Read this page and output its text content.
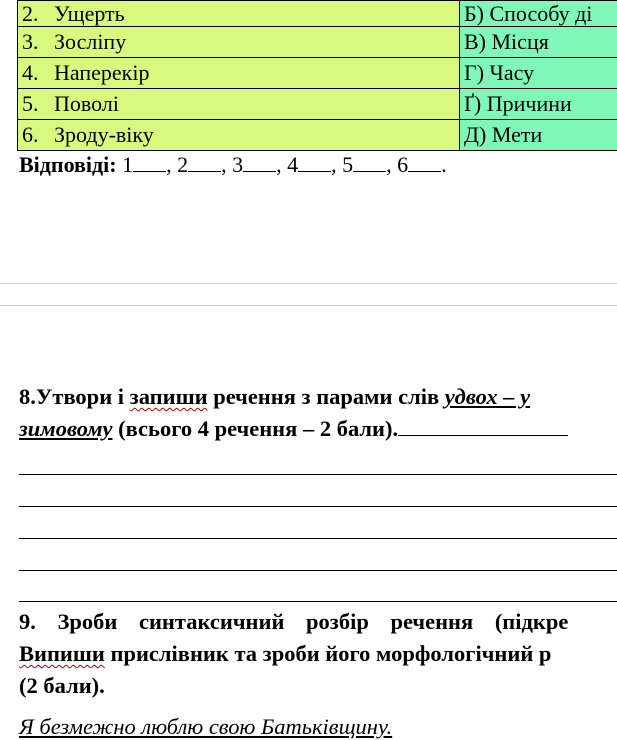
2. Ущерть	Б) Способу ді
3. Зосліпу	В) Місця
4. Наперекір	Г) Часу
5. Поволі	Ґ) Причини
6. Зроду-віку	Д) Мети
Відповіді: 1 , 2 , 3 , 4 , 5 , 6 .
8.Утвори і запиши речення з парами слів удвох – у
зимовому (всього 4 речення – 2 бали).
9. Зроби синтаксичний розбір речення (підкре
Випиши прислівник та зроби його морфологічний р
(2 бали).
Я безмежно люблю свою Батьківщину.
